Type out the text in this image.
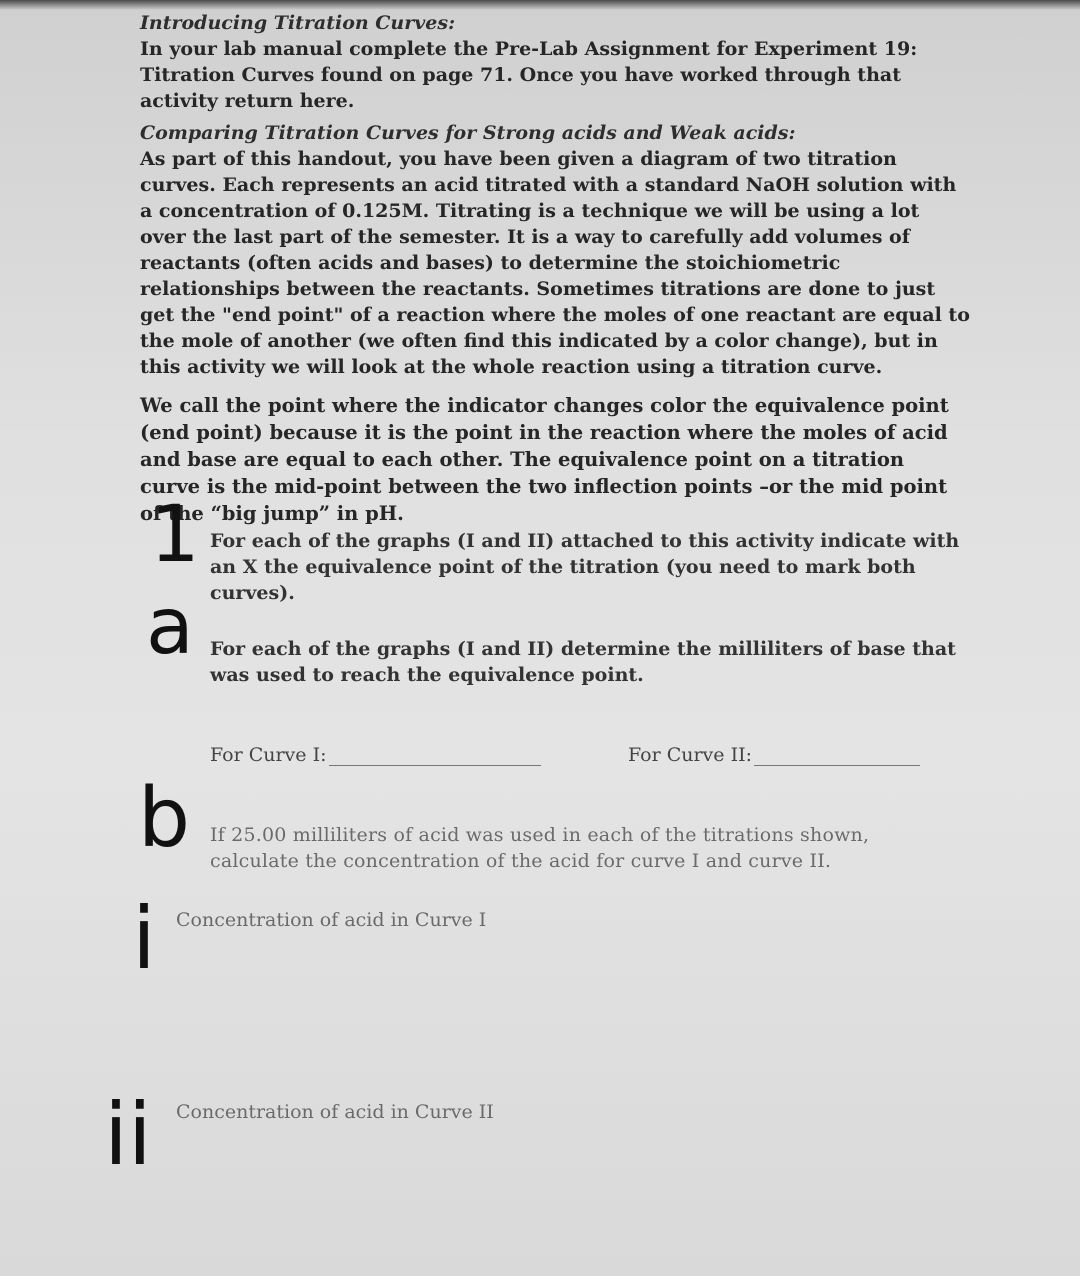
Introducing Titration Curves:

In your lab manual complete the Pre-Lab Assignment for Experiment 19: Titration Curves found on page 71. Once you have worked through that activity return here.

Comparing Titration Curves for Strong acids and Weak acids:

As part of this handout, you have been given a diagram of two titration curves. Each represents an acid titrated with a standard NaOH solution with a concentration of 0.125M. Titrating is a technique we will be using a lot over the last part of the semester. It is a way to carefully add volumes of reactants (often acids and bases) to determine the stoichiometric relationships between the reactants. Sometimes titrations are done to just get the "end point" of a reaction where the moles of one reactant are equal to the mole of another (we often find this indicated by a color change), but in this activity we will look at the whole reaction using a titration curve.

We call the point where the indicator changes color the equivalence point (end point) because it is the point in the reaction where the moles of acid and base are equal to each other. The equivalence point on a titration curve is the mid-point between the two inflection points –or the mid point of the “big jump” in pH.

1 For each of the graphs (I and II) attached to this activity indicate with an X the equivalence point of the titration (you need to mark both curves).
a For each of the graphs (I and II) determine the milliliters of base that was used to reach the equivalence point.
For Curve I:	For Curve II:
b If 25.00 milliliters of acid was used in each of the titrations shown, calculate the concentration of the acid for curve I and curve II.
i Concentration of acid in Curve I
ii Concentration of acid in Curve II
